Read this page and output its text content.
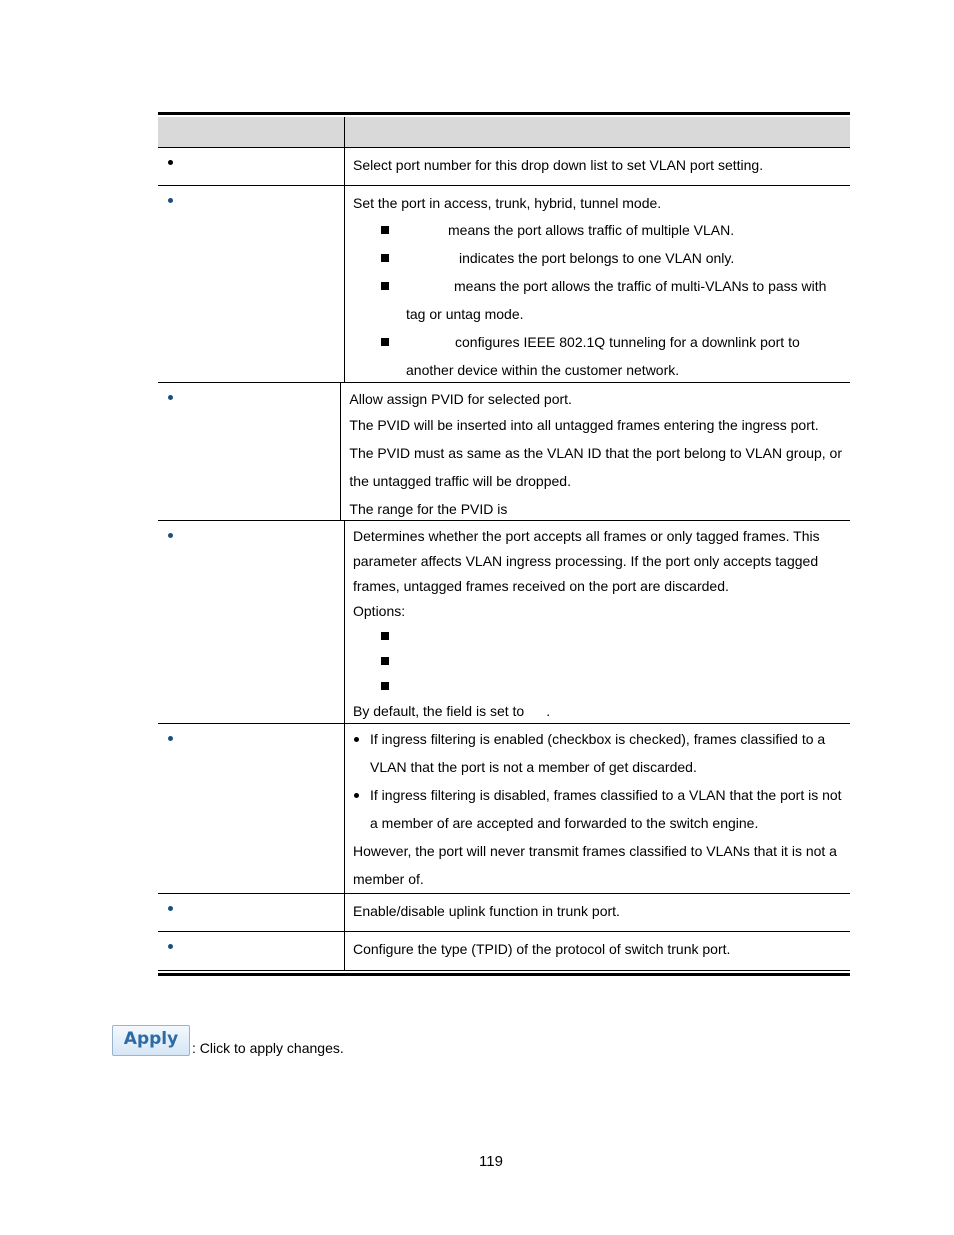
Select port number for this drop down list to set VLAN port setting.
Set the port in access, trunk, hybrid, tunnel mode.
means the port allows traffic of multiple VLAN.
indicates the port belongs to one VLAN only.
means the port allows the traffic of multi-VLANs to pass with
tag or untag mode.
configures IEEE 802.1Q tunneling for a downlink port to
another device within the customer network.
Allow assign PVID for selected port.
The PVID will be inserted into all untagged frames entering the ingress port.
The PVID must as same as the VLAN ID that the port belong to VLAN group, or
the untagged traffic will be dropped.
The range for the PVID is
Determines whether the port accepts all frames or only tagged frames. This
parameter affects VLAN ingress processing. If the port only accepts tagged
frames, untagged frames received on the port are discarded.
Options:
By default, the field is set to .
If ingress filtering is enabled (checkbox is checked), frames classified to a
VLAN that the port is not a member of get discarded.
If ingress filtering is disabled, frames classified to a VLAN that the port is not
a member of are accepted and forwarded to the switch engine.
However, the port will never transmit frames classified to VLANs that it is not a
member of.
Enable/disable uplink function in trunk port.
Configure the type (TPID) of the protocol of switch trunk port.
Apply : Click to apply changes.
119
